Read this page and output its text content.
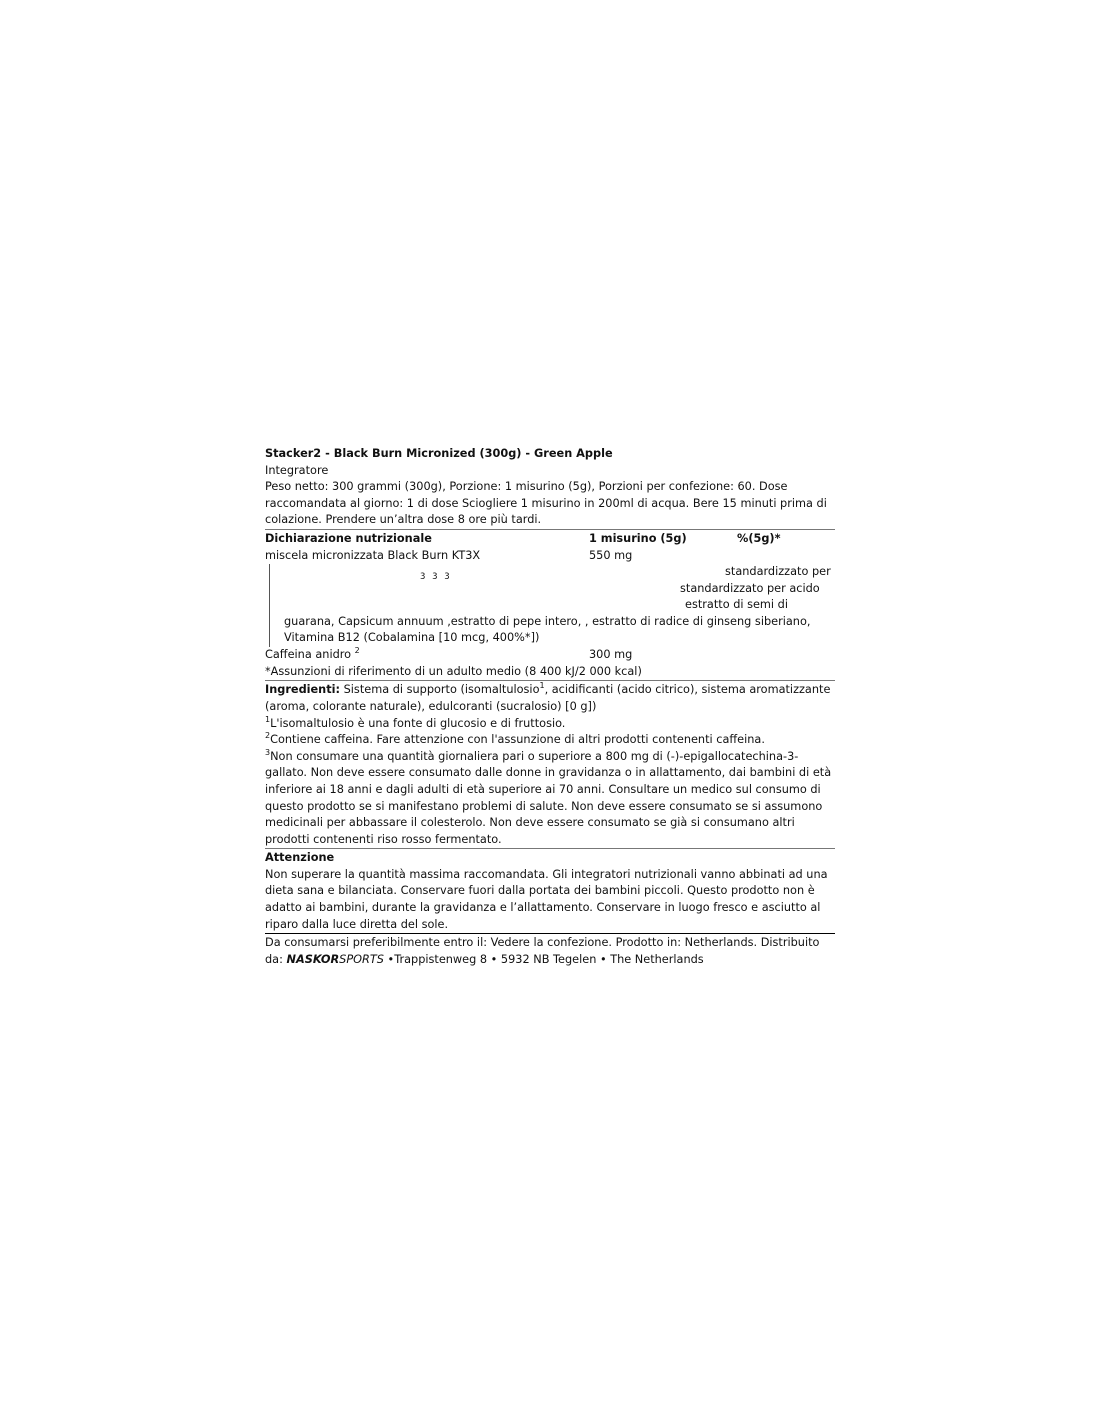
Stacker2 - Black Burn Micronized (300g) - Green Apple

Integratore

Peso netto: 300 grammi (300g), Porzione: 1 misurino (5g), Porzioni per confezione: 60. Dose raccomandata al giorno: 1 di dose Sciogliere 1 misurino in 200ml di acqua. Bere 15 minuti prima di colazione. Prendere un’altra dose 8 ore più tardi.

Dichiarazione nutrizionale	1 misurino (5g)	%(5g)*
miscela micronizzata Black Burn KT3X	550 mg
standardizzato per
3 3 3
standardizzato per acido
estratto di semi di
guarana, Capsicum annuum ,estratto di pepe intero, , estratto di radice di ginseng siberiano,
Vitamina B12 (Cobalamina [10 mcg, 400%*])
Caffeina anidro $^2$	300 mg

*Assunzioni di riferimento di un adulto medio (8 400 kJ/2 000 kcal)

Ingredienti: Sistema di supporto (isomaltulosio$^1$, acidificanti (acido citrico), sistema aromatizzante (aroma, colorante naturale), edulcoranti (sucralosio) [0 g])

$^1$L'isomaltulosio è una fonte di glucosio e di fruttosio.

$^2$Contiene caffeina. Fare attenzione con l'assunzione di altri prodotti contenenti caffeina.

$^3$Non consumare una quantità giornaliera pari o superiore a 800 mg di (-)-epigallocatechina-3-gallato. Non deve essere consumato dalle donne in gravidanza o in allattamento, dai bambini di età inferiore ai 18 anni e dagli adulti di età superiore ai 70 anni. Consultare un medico sul consumo di questo prodotto se si manifestano problemi di salute. Non deve essere consumato se si assumono medicinali per abbassare il colesterolo. Non deve essere consumato se già si consumano altri prodotti contenenti riso rosso fermentato.

Attenzione

Non superare la quantità massima raccomandata. Gli integratori nutrizionali vanno abbinati ad una dieta sana e bilanciata. Conservare fuori dalla portata dei bambini piccoli. Questo prodotto non è adatto ai bambini, durante la gravidanza e l’allattamento. Conservare in luogo fresco e asciutto al riparo dalla luce diretta del sole.

Da consumarsi preferibilmente entro il: Vedere la confezione. Prodotto in: Netherlands. Distribuito da: NASKORSPORTS •Trappistenweg 8 • 5932 NB Tegelen • The Netherlands
